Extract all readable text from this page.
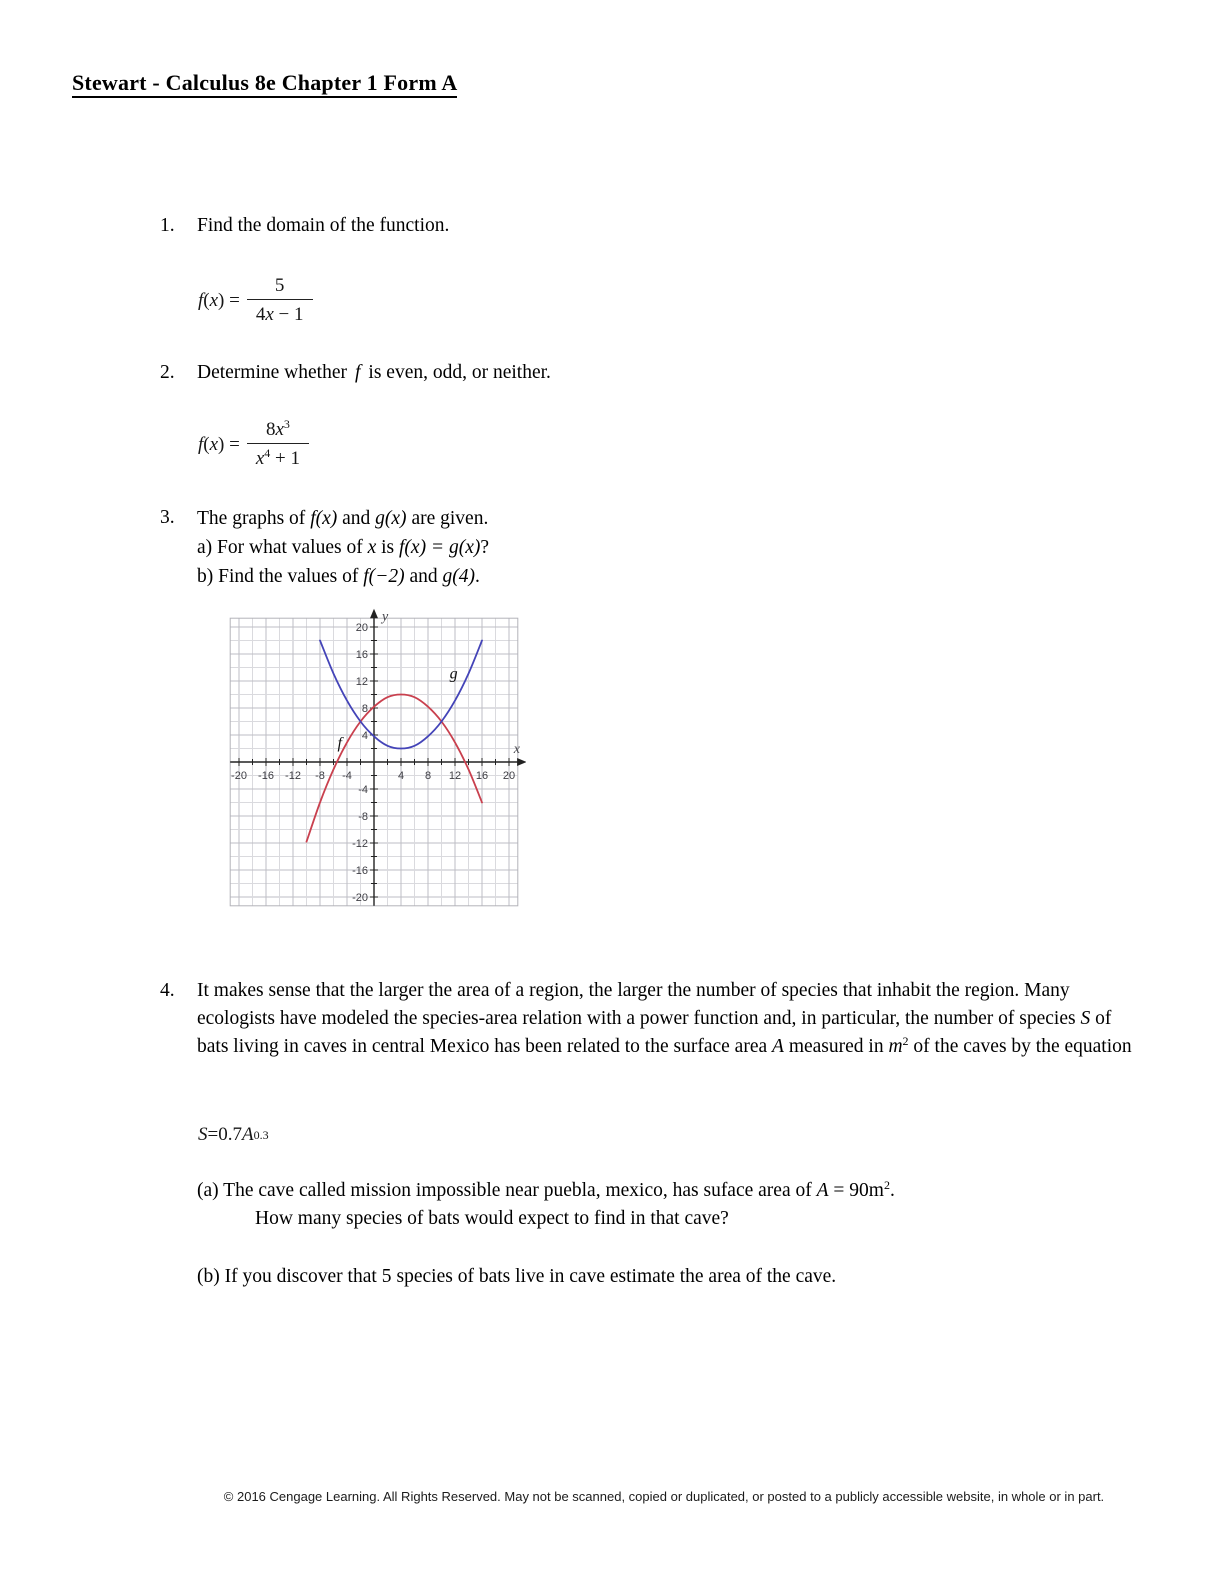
Stewart - Calculus 8e Chapter 1 Form A
1.	Find the domain of the function.
f ( x ) = $\frac{5}{4x - 1}$
2.	Determine whether f is even, odd, or neither.
f ( x ) = $\frac{8x^3}{x^4 + 1}$
3.	The graphs of f(x) and g(x) are given.
a) For what values of x is f(x) = g(x)?
b) Find the values of f(−2) and g(4).
-20 -16 -12 -8 -4	4 8 12 16 20
-20
-16
-12
-8
-4
4
8
12
16
20
x
y
f
g
4.	It makes sense that the larger the area of a region, the larger the number of species that inhabit the region. Many ecologists have modeled the species-area relation with a power function and, in particular, the number of species S of bats living in caves in central Mexico has been related to the surface area A measured in $m^2$ of the caves by the equation
S = 0.7 A 0.3
(a) The cave called mission impossible near puebla, mexico, has suface area of $A = 90m^2$.
How many species of bats would expect to find in that cave?
(b) If you discover that 5 species of bats live in cave estimate the area of the cave.
© 2016 Cengage Learning. All Rights Reserved. May not be scanned, copied or duplicated, or posted to a publicly accessible website, in whole or in part.
